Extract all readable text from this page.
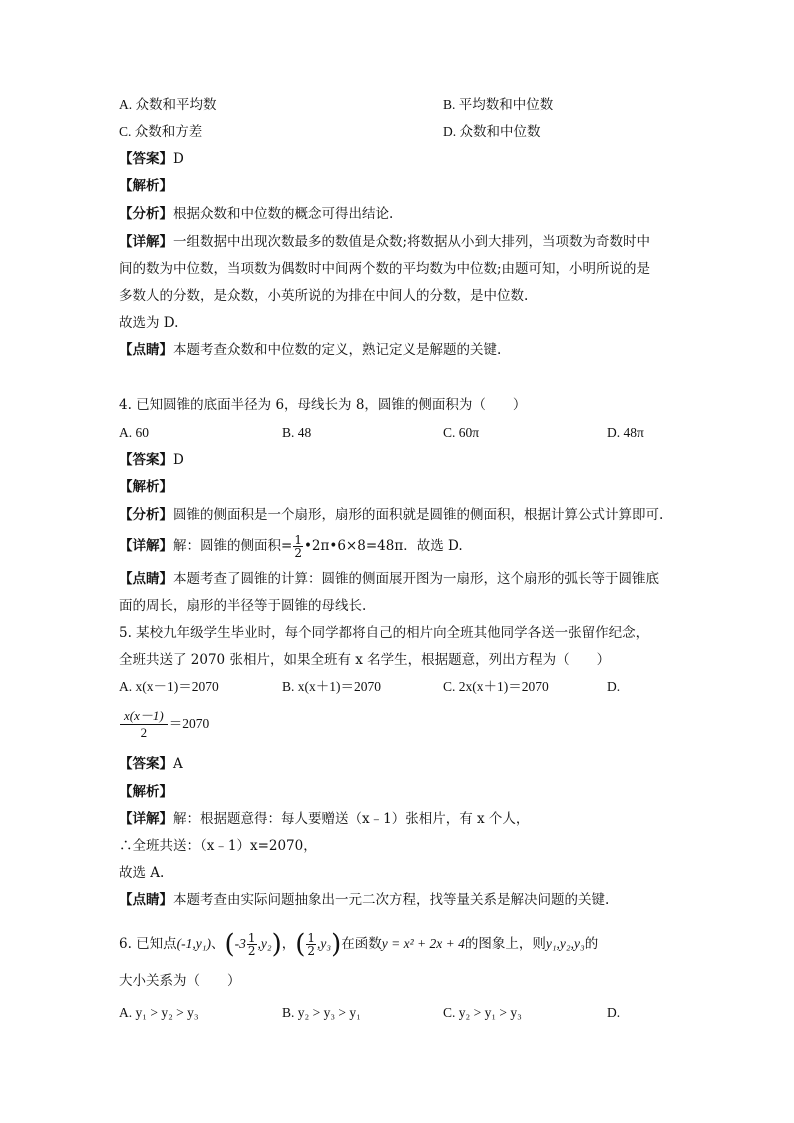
A. 众数和平均数	B. 平均数和中位数
C. 众数和方差	D. 众数和中位数
【答案】D
【解析】
【分析】根据众数和中位数的概念可得出结论.
【详解】一组数据中出现次数最多的数值是众数;将数据从小到大排列，当项数为奇数时中
间的数为中位数，当项数为偶数时中间两个数的平均数为中位数;由题可知，小明所说的是
多数人的分数，是众数，小英所说的为排在中间人的分数，是中位数.
故选为 D.
【点睛】本题考查众数和中位数的定义，熟记定义是解题的关键.
4. 已知圆锥的底面半径为 6，母线长为 8，圆锥的侧面积为（　　）
A. 60	B. 48	C. 60π	D. 48π
【答案】D
【解析】
【分析】圆锥的侧面积是一个扇形，扇形的面积就是圆锥的侧面积，根据计算公式计算即可.
【详解】解：圆锥的侧面积= $\frac{1}{2}$ •2π•6×8=48π．故选 D.
【点睛】本题考查了圆锥的计算：圆锥的侧面展开图为一扇形，这个扇形的弧长等于圆锥底
面的周长，扇形的半径等于圆锥的母线长.
5. 某校九年级学生毕业时，每个同学都将自己的相片向全班其他同学各送一张留作纪念，
全班共送了 2070 张相片，如果全班有 x 名学生，根据题意，列出方程为（　　）
A. x(x－1)＝2070	B. x(x＋1)＝2070	C. 2x(x＋1)＝2070	D.
$\frac{x(x-1)}{2} =2070$
【答案】A
【解析】
【详解】解：根据题意得：每人要赠送（x﹣1）张相片，有 x 个人，
∴全班共送：（x﹣1）x=2070，
故选 A.
【点睛】本题考查由实际问题抽象出一元二次方程，找等量关系是解决问题的关键.
6. 已知点(-1,y₁)、$(-3 \frac{1}{2} ,y_2)$，( $\frac{1}{2} ,y_3$)在函数y = x² + 2x + 4的图象上，则y₁,y₂,y₃的
大小关系为（　　）
A. y₁ > y₂ > y₃	B. y₂ > y₃ > y₁	C. y₂ > y₁ > y₃	D.
